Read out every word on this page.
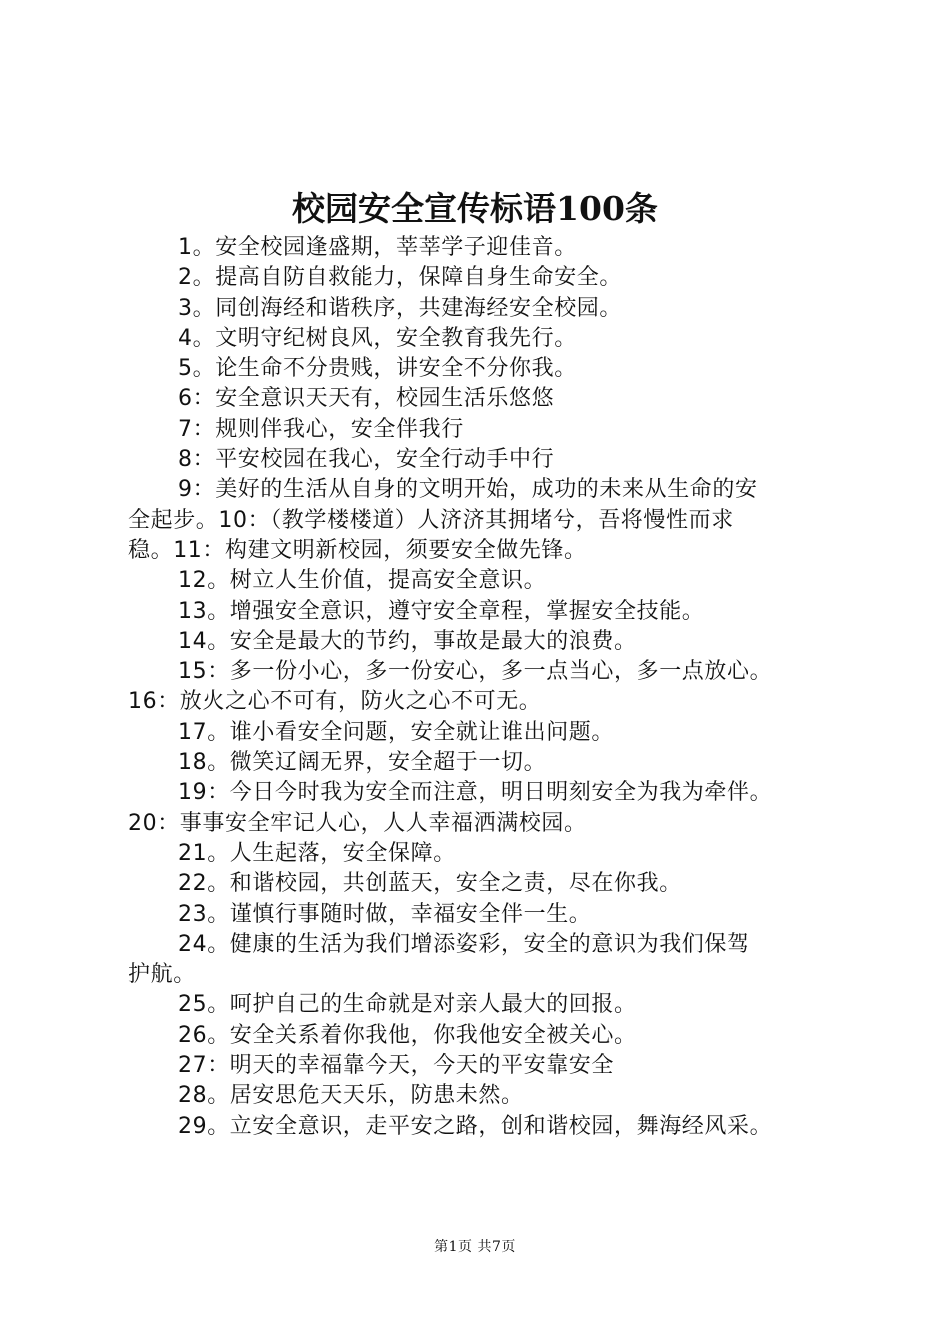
校园安全宣传标语100条
1。安全校园逢盛期，莘莘学子迎佳音。
2。提高自防自救能力，保障自身生命安全。
3。同创海经和谐秩序，共建海经安全校园。
4。文明守纪树良风，安全教育我先行。
5。论生命不分贵贱，讲安全不分你我。
6：安全意识天天有，校园生活乐悠悠
7：规则伴我心，安全伴我行
8：平安校园在我心，安全行动手中行
9：美好的生活从自身的文明开始，成功的未来从生命的安
全起步。10：（教学楼楼道）人济济其拥堵兮，吾将慢性而求
稳。11：构建文明新校园，须要安全做先锋。
12。树立人生价值，提高安全意识。
13。增强安全意识，遵守安全章程，掌握安全技能。
14。安全是最大的节约，事故是最大的浪费。
15：多一份小心，多一份安心，多一点当心，多一点放心。
16：放火之心不可有，防火之心不可无。
17。谁小看安全问题，安全就让谁出问题。
18。微笑辽阔无界，安全超于一切。
19：今日今时我为安全而注意，明日明刻安全为我为牵伴。
20：事事安全牢记人心，人人幸福洒满校园。
21。人生起落，安全保障。
22。和谐校园，共创蓝天，安全之责，尽在你我。
23。谨慎行事随时做，幸福安全伴一生。
24。健康的生活为我们增添姿彩，安全的意识为我们保驾
护航。
25。呵护自己的生命就是对亲人最大的回报。
26。安全关系着你我他，你我他安全被关心。
27：明天的幸福靠今天，今天的平安靠安全
28。居安思危天天乐，防患未然。
29。立安全意识，走平安之路，创和谐校园，舞海经风采。
第1页 共7页
